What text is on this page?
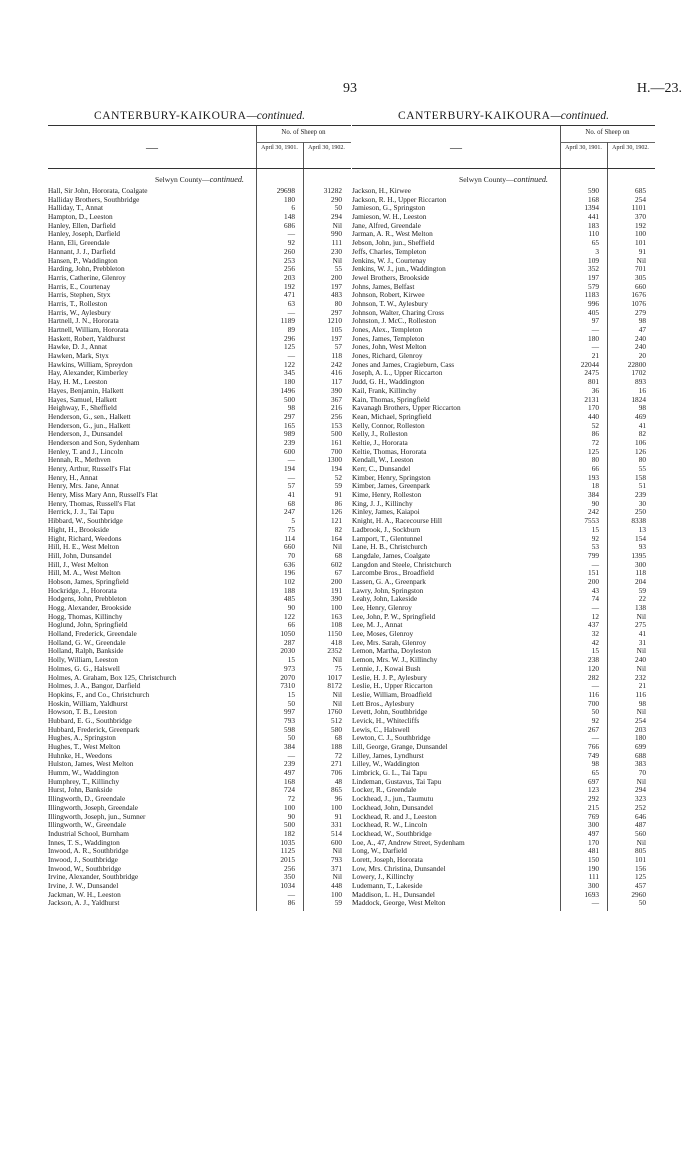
93	H.—23.
CANTERBURY-KAIKOURA—continued.
—
No. of Sheep on
April 30, 1901.	April 30, 1902.
Selwyn County—continued.
Hall, Sir John, Hororata, Coalgate	29698	31282
Halliday Brothers, Southbridge	180	290
Halliday, T., Annat	6	50
Hampton, D., Leeston	148	294
Hanley, Ellen, Darfield	686	Nil
Hanley, Joseph, Darfield	—	990
Hann, Eli, Greendale	92	111
Hannant, J. J., Darfield	260	230
Hansen, P., Waddington	253	Nil
Harding, John, Prebbleton	256	55
Harris, Catherine, Glenroy	203	200
Harris, E., Courtenay	192	197
Harris, Stephen, Styx	471	483
Harris, T., Rolleston	63	80
Harris, W., Aylesbury	—	297
Hartnell, J. N., Hororata	1189	1210
Hartnell, William, Hororata	89	105
Haskett, Robert, Yaldhurst	296	197
Hawke, D. J., Annat	125	57
Hawken, Mark, Styx	—	118
Hawkins, William, Spreydon	122	242
Hay, Alexander, Kimberley	345	416
Hay, H. M., Leeston	180	117
Hayes, Benjamin, Halkett	1496	390
Hayes, Samuel, Halkett	500	367
Heighway, F., Sheffield	98	216
Henderson, G., sen., Halkett	297	256
Henderson, G., jun., Halkett	165	153
Henderson, J., Dunsandel	989	500
Henderson and Son, Sydenham	239	161
Henley, T. and J., Lincoln	600	700
Hennah, R., Methven	—	1300
Henry, Arthur, Russell's Flat	194	194
Henry, H., Annat	—	52
Henry, Mrs. Jane, Annat	57	59
Henry, Miss Mary Ann, Russell's Flat	41	91
Henry, Thomas, Russell's Flat	68	86
Herrick, J. J., Tai Tapu	247	126
Hibbard, W., Southbridge	5	121
Hight, H., Brookside	75	82
Hight, Richard, Weedons	114	164
Hill, H. E., West Melton	660	Nil
Hill, John, Dunsandel	70	68
Hill, J., West Melton	636	602
Hill, M. A., West Melton	196	67
Hobson, James, Springfield	102	200
Hockridge, J., Hororata	188	191
Hodgens, John, Prebbleton	485	390
Hogg, Alexander, Brookside	90	100
Hogg, Thomas, Killinchy	122	163
Hoglund, John, Springfield	66	108
Holland, Frederick, Greendale	1050	1150
Holland, G. W., Greendale	287	418
Holland, Ralph, Bankside	2030	2352
Holly, William, Leeston	15	Nil
Holmes, G. G., Halswell	973	75
Holmes, A. Graham, Box 125, Christchurch	2070	1017
Holmes, J. A., Bangor, Darfield	7310	8172
Hopkins, F., and Co., Christchurch	15	Nil
Hoskin, William, Yaldhurst	50	Nil
Howson, T. B., Leeston	997	1760
Hubbard, E. G., Southbridge	793	512
Hubbard, Frederick, Greenpark	598	580
Hughes, A., Springston	50	68
Hughes, T., West Melton	384	188
Huhnke, H., Weedons	—	72
Hulston, James, West Melton	239	271
Humm, W., Waddington	497	706
Humphrey, T., Killinchy	168	48
Hurst, John, Bankside	724	865
Illingworth, D., Greendale	72	96
Illingworth, Joseph, Greendale	100	100
Illingworth, Joseph, jun., Sumner	90	91
Illingworth, W., Greendale	500	331
Industrial School, Burnham	182	514
Innes, T. S., Waddington	1035	600
Inwood, A. R., Southbridge	1125	Nil
Inwood, J., Southbridge	2015	793
Inwood, W., Southbridge	256	371
Irvine, Alexander, Southbridge	350	Nil
Irvine, J. W., Dunsandel	1034	448
Jackman, W. H., Leeston	—	100
Jackson, A. J., Yaldhurst	86	59
CANTERBURY-KAIKOURA—continued.
—
No. of Sheep on
April 30, 1901.	April 30, 1902.
Selwyn County—continued.
Jackson, H., Kirwee	590	685
Jackson, R. H., Upper Riccarton	168	254
Jamieson, G., Springston	1394	1101
Jamieson, W. H., Leeston	441	370
Jane, Alfred, Greendale	183	192
Jarman, A. R., West Melton	110	100
Jebson, John, jun., Sheffield	65	101
Jeffs, Charles, Templeton	3	91
Jenkins, W. J., Courtenay	109	Nil
Jenkins, W. J., jun., Waddington	352	701
Jewel Brothers, Brookside	197	305
Johns, James, Belfast	579	660
Johnson, Robert, Kirwee	1183	1676
Johnson, T. W., Aylesbury	996	1076
Johnson, Walter, Charing Cross	405	279
Johnston, J. McC., Rolleston	97	98
Jones, Alex., Templeton	—	47
Jones, James, Templeton	180	240
Jones, John, West Melton	—	240
Jones, Richard, Glenroy	21	20
Jones and James, Cragieburn, Cass	22044	22800
Joseph, A. L., Upper Riccarton	2475	1702
Judd, G. H., Waddington	801	893
Kail, Frank, Killinchy	36	16
Kain, Thomas, Springfield	2131	1824
Kavanagh Brothers, Upper Riccarton	170	98
Kean, Michael, Springfield	440	469
Kelly, Connor, Rolleston	52	41
Kelly, J., Rolleston	86	82
Keltie, J., Hororata	72	106
Keltie, Thomas, Hororata	125	126
Kendall, W., Leeston	80	80
Kerr, C., Dunsandel	66	55
Kimber, Henry, Springston	193	158
Kimber, James, Greenpark	18	51
Kime, Henry, Rolleston	384	239
King, J. J., Killinchy	90	30
Kinley, James, Kaiapoi	242	250
Knight, H. A., Racecourse Hill	7553	8338
Ladbrook, J., Sockburn	15	13
Lamport, T., Glentunnel	92	154
Lane, H. B., Christchurch	53	93
Langdale, James, Coalgate	799	1395
Langdon and Steele, Christchurch	—	300
Larcombe Bros., Broadfield	151	118
Lassen, G. A., Greenpark	200	204
Lawry, John, Springston	43	59
Leahy, John, Lakeside	74	22
Lee, Henry, Glenroy	—	138
Lee, John, P. W., Springfield	12	Nil
Lee, M. J., Annat	437	275
Lee, Moses, Glenroy	32	41
Lee, Mrs. Sarah, Glenroy	42	31
Lemon, Martha, Doyleston	15	Nil
Lemon, Mrs. W. J., Killinchy	238	240
Lennie, J., Kowai Bush	120	Nil
Leslie, H. J. P., Aylesbury	282	232
Leslie, H., Upper Riccarton	—	21
Leslie, William, Broadfield	116	116
Lett Bros., Aylesbury	700	98
Levett, John, Southbridge	50	Nil
Levick, H., Whitecliffs	92	254
Lewis, C., Halswell	267	203
Lewton, C. J., Southbridge	—	180
Lill, George, Grange, Dunsandel	766	699
Lilley, James, Lyndhurst	749	688
Lilley, W., Waddington	98	383
Limbrick, G. L., Tai Tapu	65	70
Lindeman, Gustavus, Tai Tapu	697	Nil
Locker, R., Greendale	123	294
Lockhead, J., jun., Taumutu	292	323
Lockhead, John, Dunsandel	215	252
Lockhead, R. and J., Leeston	769	646
Lockhead, R. W., Lincoln	300	487
Lockhead, W., Southbridge	497	560
Loe, A., 47, Andrew Street, Sydenham	170	Nil
Long, W., Darfield	481	805
Lorett, Joseph, Hororata	150	101
Low, Mrs. Christina, Dunsandel	190	156
Lowery, J., Killinchy	111	125
Ludemann, T., Lakeside	300	457
Maddison, L. H., Dunsandel	1693	2960
Maddock, George, West Melton	—	50
